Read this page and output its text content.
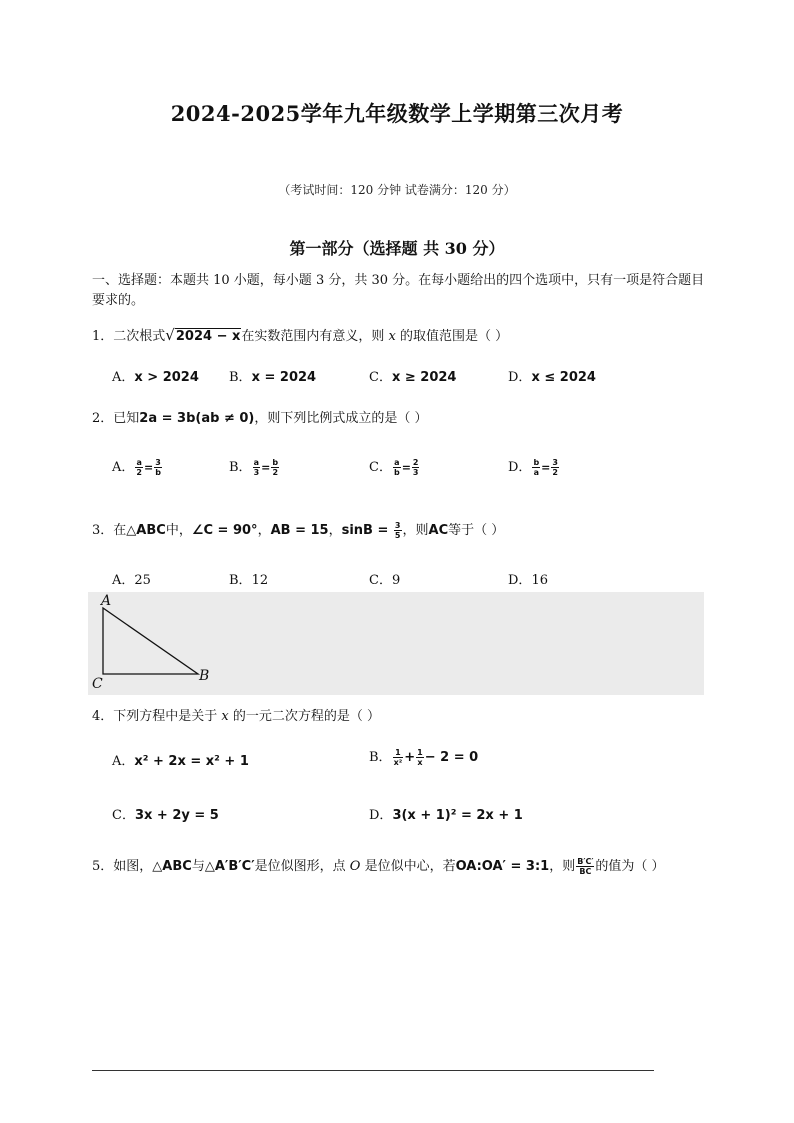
2024-2025学年九年级数学上学期第三次月考
（考试时间：120 分钟 试卷满分：120 分）
第一部分（选择题 共 30 分）
一、选择题：本题共 10 小题，每小题 3 分，共 30 分。在每小题给出的四个选项中，只有一项是符合题目要求的。
1．二次根式√2024 − x在实数范围内有意义，则 x 的取值范围是（ ）
A．x > 2024 B．x = 2024	C．x ≥ 2024	D．x ≤ 2024
2．已知2a = 3b(ab ≠ 0)，则下列比例式成立的是（ ）
A． $\frac{a}{2} = \frac{3}{b}$	B． $\frac{a}{3} = \frac{b}{2}$	C． $\frac{a}{b} = \frac{2}{3}$	D． $\frac{b}{a} = \frac{3}{2}$
3．在△ABC中，∠C = 90°，AB = 15，$\sin B = \frac{3}{5}$ ，则AC等于（ ）
A．25	B．12	C．9	D．16
A
B
C
4．下列方程中是关于 x 的一元二次方程的是（ ）
A．x² + 2x = x² + 1	B． $\frac{1}{\text{x²}} + \frac{1}{x} - 2 = 0$
C．3x + 2y = 5	D．3(x + 1)² = 2x + 1
5．如图，△ABC与△A′B′C′是位似图形，点 O 是位似中心，若OA:OA′ = 3:1，则 $\frac{B'C'}{BC}$ 的值为（ ）
